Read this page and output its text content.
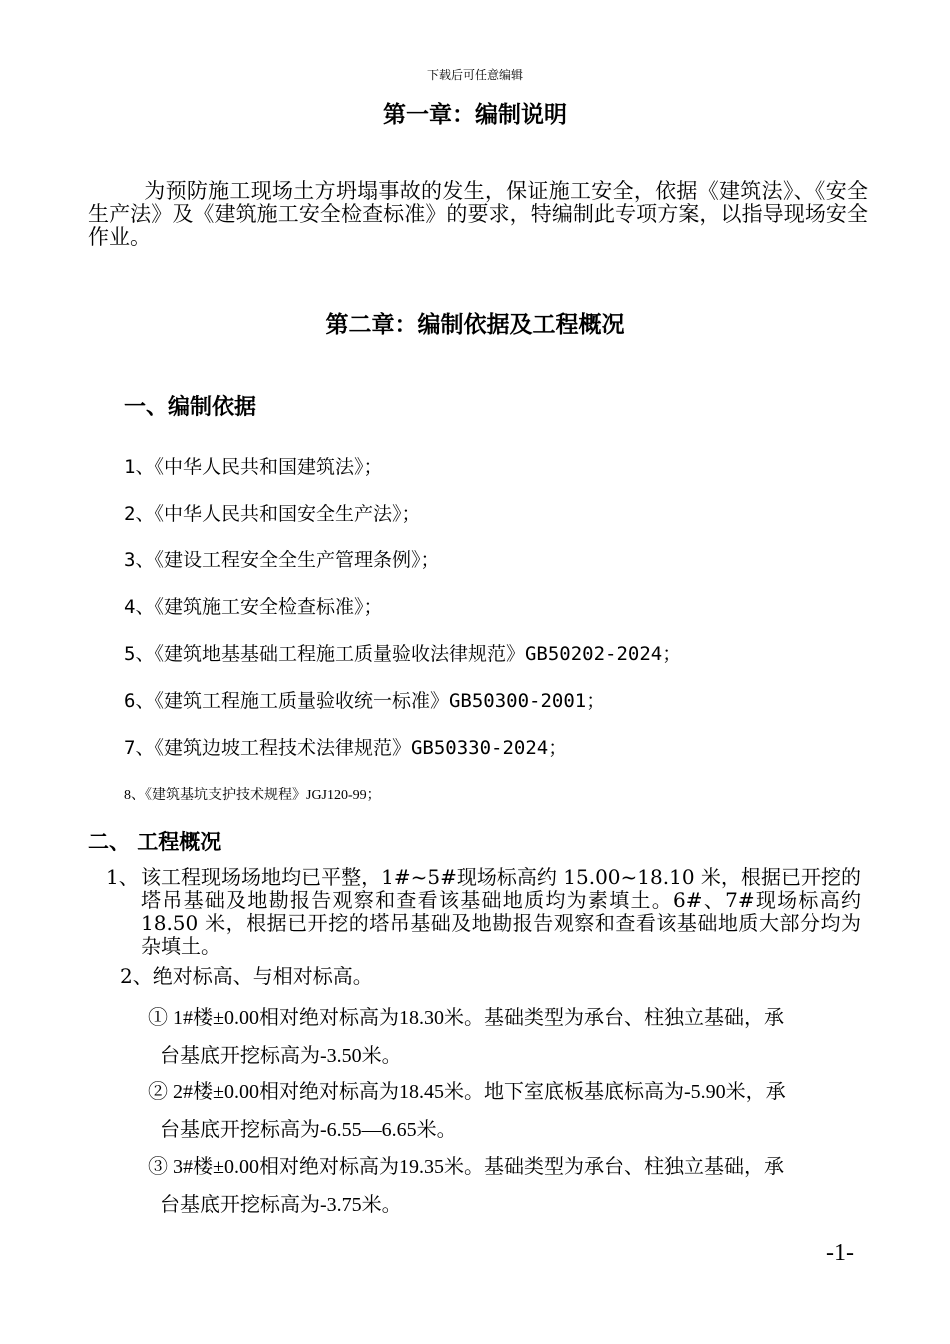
下载后可任意编辑
第一章：编制说明
为预防施工现场土方坍塌事故的发生，保证施工安全，依据《建筑法》、《安全生产法》及《建筑施工安全检查标准》的要求，特编制此专项方案，以指导现场安全作业。
第二章：编制依据及工程概况
一、编制依据
1、《中华人民共和国建筑法》；
2、《中华人民共和国安全生产法》；
3、《建设工程安全全生产管理条例》；
4、《建筑施工安全检查标准》；
5、《建筑地基基础工程施工质量验收法律规范》GB50202-2024；
6、《建筑工程施工质量验收统一标准》GB50300-2001；
7、《建筑边坡工程技术法律规范》GB50330-2024；
8、《建筑基坑支护技术规程》JGJ120-99；
二、 工程概况
1、 该工程现场场地均已平整，1#~5#现场标高约 15.00~18.10 米，根据已开挖的塔吊基础及地勘报告观察和查看该基础地质均为素填土。6#、7#现场标高约 18.50 米，根据已开挖的塔吊基础及地勘报告观察和查看该基础地质大部分均为杂填土。
2、绝对标高、与相对标高。
① 1#楼±0.00相对绝对标高为18.30米。基础类型为承台、柱独立基础，承
台基底开挖标高为-3.50米。
② 2#楼±0.00相对绝对标高为18.45米。地下室底板基底标高为-5.90米，承
台基底开挖标高为-6.55—6.65米。
③ 3#楼±0.00相对绝对标高为19.35米。基础类型为承台、柱独立基础，承
台基底开挖标高为-3.75米。
-1-
